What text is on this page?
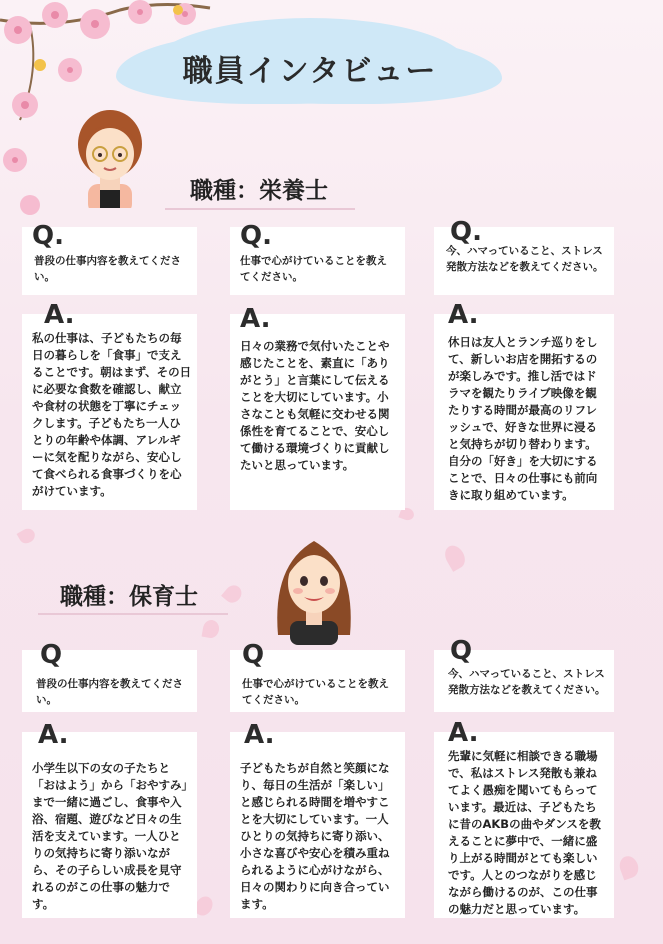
職員インタビュー
職種：栄養士
Q.
普段の仕事内容を教えてください。
Q.
仕事で心がけていることを教えてください。
Q.
今、ハマっていること、ストレス発散方法などを教えてください。
A.
私の仕事は、子どもたちの毎日の暮らしを「食事」で支えることです。朝はまず、その日に必要な食数を確認し、献立や食材の状態を丁寧にチェックします。子どもたち一人ひとりの年齢や体調、アレルギーに気を配りながら、安心して食べられる食事づくりを心がけています。
A.
日々の業務で気付いたことや感じたことを、素直に「ありがとう」と言葉にして伝えることを大切にしています。小さなことも気軽に交わせる関係性を育てることで、安心して働ける環境づくりに貢献したいと思っています。
A.
休日は友人とランチ巡りをして、新しいお店を開拓するのが楽しみです。推し活ではドラマを観たりライブ映像を観たりする時間が最高のリフレッシュで、好きな世界に浸ると気持ちが切り替わります。自分の「好き」を大切にすることで、日々の仕事にも前向きに取り組めています。
職種：保育士
Q
普段の仕事内容を教えてください。
Q
仕事で心がけていることを教えてください。
Q
今、ハマっていること、ストレス発散方法などを教えてください。
A.
小学生以下の女の子たちと「おはよう」から「おやすみ」まで一緒に過ごし、食事や入浴、宿題、遊びなど日々の生活を支えています。一人ひとりの気持ちに寄り添いながら、その子らしい成長を見守れるのがこの仕事の魅力です。
A.
子どもたちが自然と笑顔になり、毎日の生活が「楽しい」と感じられる時間を増やすことを大切にしています。一人ひとりの気持ちに寄り添い、小さな喜びや安心を積み重ねられるように心がけながら、日々の関わりに向き合っています。
A.
先輩に気軽に相談できる職場で、私はストレス発散も兼ねてよく愚痴を聞いてもらっています。最近は、子どもたちに昔のAKBの曲やダンスを教えることに夢中で、一緒に盛り上がる時間がとても楽しいです。人とのつながりを感じながら働けるのが、この仕事の魅力だと思っています。
